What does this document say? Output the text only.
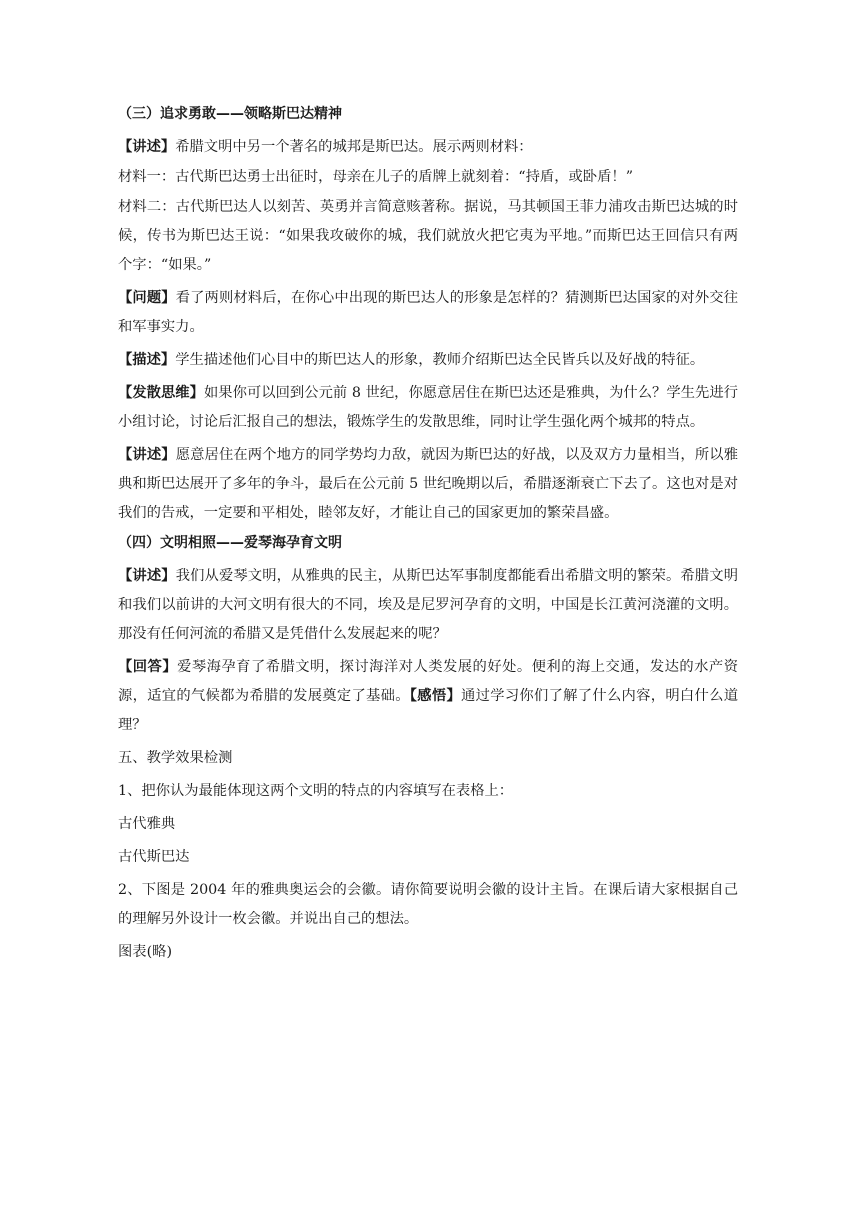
（三）追求勇敢——领略斯巴达精神
【讲述】希腊文明中另一个著名的城邦是斯巴达。展示两则材料：
材料一：古代斯巴达勇士出征时，母亲在儿子的盾牌上就刻着：“持盾，或卧盾！”
材料二：古代斯巴达人以刻苦、英勇并言简意赅著称。据说，马其顿国王菲力浦攻击斯巴达城的时候，传书为斯巴达王说：“如果我攻破你的城，我们就放火把它夷为平地。”而斯巴达王回信只有两个字：“如果。”
【问题】看了两则材料后，在你心中出现的斯巴达人的形象是怎样的？猜测斯巴达国家的对外交往和军事实力。
【描述】学生描述他们心目中的斯巴达人的形象，教师介绍斯巴达全民皆兵以及好战的特征。
【发散思维】如果你可以回到公元前 8 世纪，你愿意居住在斯巴达还是雅典，为什么？学生先进行小组讨论，讨论后汇报自己的想法，锻炼学生的发散思维，同时让学生强化两个城邦的特点。
【讲述】愿意居住在两个地方的同学势均力敌，就因为斯巴达的好战，以及双方力量相当，所以雅典和斯巴达展开了多年的争斗，最后在公元前 5 世纪晚期以后，希腊逐渐衰亡下去了。这也对是对我们的告戒，一定要和平相处，睦邻友好，才能让自己的国家更加的繁荣昌盛。
（四）文明相照——爱琴海孕育文明
【讲述】我们从爱琴文明，从雅典的民主，从斯巴达军事制度都能看出希腊文明的繁荣。希腊文明和我们以前讲的大河文明有很大的不同，埃及是尼罗河孕育的文明，中国是长江黄河浇灌的文明。那没有任何河流的希腊又是凭借什么发展起来的呢？
【回答】爱琴海孕育了希腊文明，探讨海洋对人类发展的好处。便利的海上交通，发达的水产资源，适宜的气候都为希腊的发展奠定了基础。【感悟】通过学习你们了解了什么内容，明白什么道理？
五、教学效果检测
1、把你认为最能体现这两个文明的特点的内容填写在表格上：
古代雅典
古代斯巴达
2、下图是 2004 年的雅典奥运会的会徽。请你简要说明会徽的设计主旨。在课后请大家根据自己的理解另外设计一枚会徽。并说出自己的想法。
图表(略)
